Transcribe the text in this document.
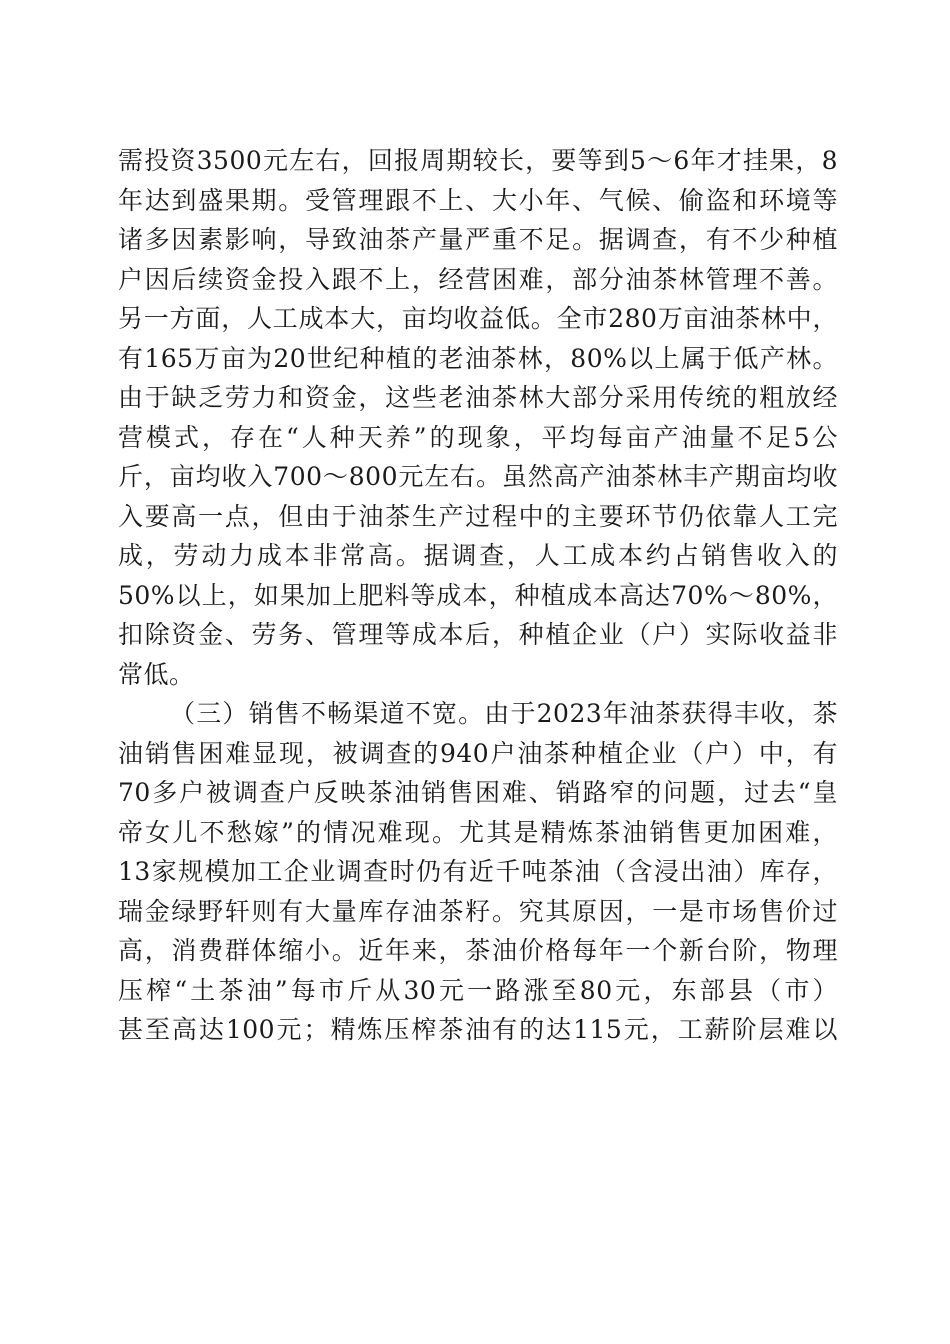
需投资3500元左右，回报周期较长，要等到5～6年才挂果，8
年达到盛果期。受管理跟不上、大小年、气候、偷盗和环境等
诸多因素影响，导致油茶产量严重不足。据调查，有不少种植
户因后续资金投入跟不上，经营困难，部分油茶林管理不善。
另一方面，人工成本大，亩均收益低。全市280万亩油茶林中，
有165万亩为20世纪种植的老油茶林，80%以上属于低产林。
由于缺乏劳力和资金，这些老油茶林大部分采用传统的粗放经
营模式，存在“人种天养”的现象，平均每亩产油量不足5公
斤，亩均收入700～800元左右。虽然高产油茶林丰产期亩均收
入要高一点，但由于油茶生产过程中的主要环节仍依靠人工完
成，劳动力成本非常高。据调查，人工成本约占销售收入的
50%以上，如果加上肥料等成本，种植成本高达70%～80%，
扣除资金、劳务、管理等成本后，种植企业（户）实际收益非
常低。
（三）销售不畅渠道不宽。由于2023年油茶获得丰收，茶
油销售困难显现，被调查的940户油茶种植企业（户）中，有
70多户被调查户反映茶油销售困难、销路窄的问题，过去“皇
帝女儿不愁嫁”的情况难现。尤其是精炼茶油销售更加困难，
13家规模加工企业调查时仍有近千吨茶油（含浸出油）库存，
瑞金绿野轩则有大量库存油茶籽。究其原因，一是市场售价过
高，消费群体缩小。近年来，茶油价格每年一个新台阶，物理
压榨“土茶油”每市斤从30元一路涨至80元，东部县（市）
甚至高达100元；精炼压榨茶油有的达115元，工薪阶层难以
